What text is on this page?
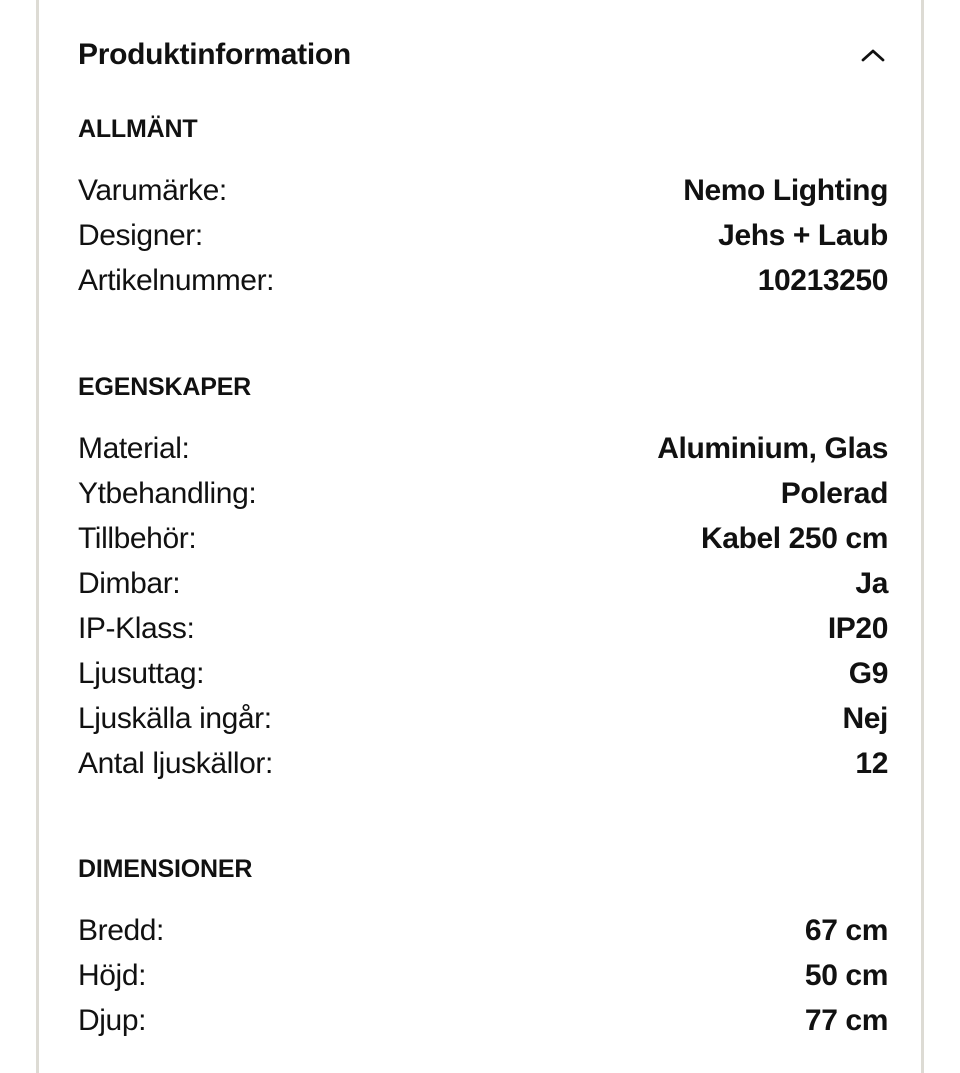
Produktinformation
ALLMÄNT
Varumärke:	Nemo Lighting
Designer:	Jehs + Laub
Artikelnummer:	10213250
EGENSKAPER
Material:	Aluminium, Glas
Ytbehandling:	Polerad
Tillbehör:	Kabel 250 cm
Dimbar:	Ja
IP-Klass:	IP20
Ljusuttag:	G9
Ljuskälla ingår:	Nej
Antal ljuskällor:	12
DIMENSIONER
Bredd:	67 cm
Höjd:	50 cm
Djup:	77 cm
